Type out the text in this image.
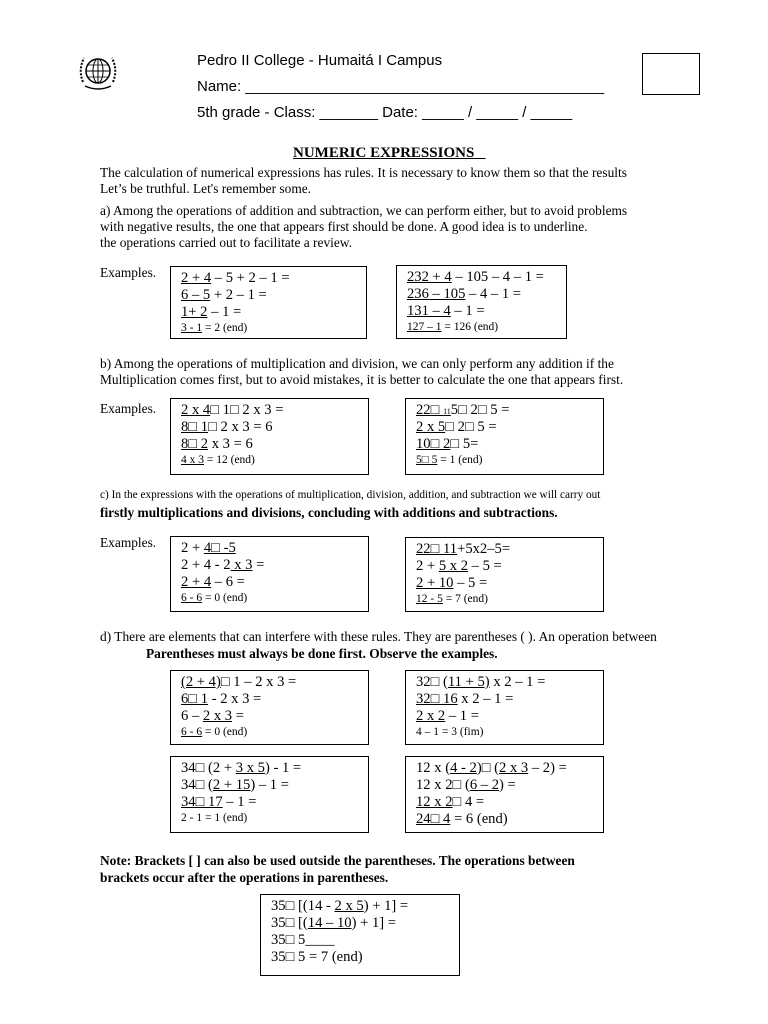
Pedro II College - Humaitá I Campus
Name: ___________________________________________
5th grade - Class: _______ Date: _____ / _____ / _____
NUMERIC EXPRESSIONS
The calculation of numerical expressions has rules. It is necessary to know them so that the results
Let’s be truthful. Let's remember some.
a) Among the operations of addition and subtraction, we can perform either, but to avoid problems
with negative results, the one that appears first should be done. A good idea is to underline.
the operations carried out to facilitate a review.
Examples. 2 + 4 – 5 + 2 – 1 =
6 – 5 + 2 – 1 =
1+ 2 – 1 =
3 - 1 = 2 (end)
232 + 4 – 105 – 4 – 1 =
236 – 105 – 4 – 1 =
131 – 4 – 1 =
127 – 1 = 126 (end)
b) Among the operations of multiplication and division, we can only perform any addition if the
Multiplication comes first, but to avoid mistakes, it is better to calculate the one that appears first.
Examples. 2 x 4□ 1□ 2 x 3 =
8□ 1□ 2 x 3 = 6
8□ 2 x 3 = 6
4 x 3 = 12 (end)
22□ 115□ 2□ 5 =
2 x 5□ 2□ 5 =
10□ 2□ 5=
5□ 5 = 1 (end)
c) In the expressions with the operations of multiplication, division, addition, and subtraction we will carry out
firstly multiplications and divisions, concluding with additions and subtractions.
Examples. 2 + 4□ -5
2 + 4 - 2 x 3 =
2 + 4 – 6 =
6 - 6 = 0 (end)
22□ 11+5x2–5=
2 + 5 x 2 – 5 =
2 + 10 – 5 =
12 - 5 = 7 (end)
d) There are elements that can interfere with these rules. They are parentheses ( ). An operation between
Parentheses must always be done first. Observe the examples.
(2 + 4)□ 1 – 2 x 3 =
6□ 1 - 2 x 3 =
6 – 2 x 3 =
6 - 6 = 0 (end)
32□ (11 + 5) x 2 – 1 =
32□ 16 x 2 – 1 =
2 x 2 – 1 =
4 – 1 = 3 (fim)
34□ (2 + 3 x 5) - 1 =
34□ (2 + 15) – 1 =
34□ 17 – 1 =
2 - 1 = 1 (end)
12 x (4 - 2)□ (2 x 3 – 2) =
12 x 2□ (6 – 2) =
12 x 2□ 4 =
24□ 4 = 6 (end)
Note: Brackets [ ] can also be used outside the parentheses. The operations between
brackets occur after the operations in parentheses.
35□ [(14 - 2 x 5) + 1] =
35□ [(14 – 10) + 1] =
35□ 5____
35□ 5 = 7 (end)
